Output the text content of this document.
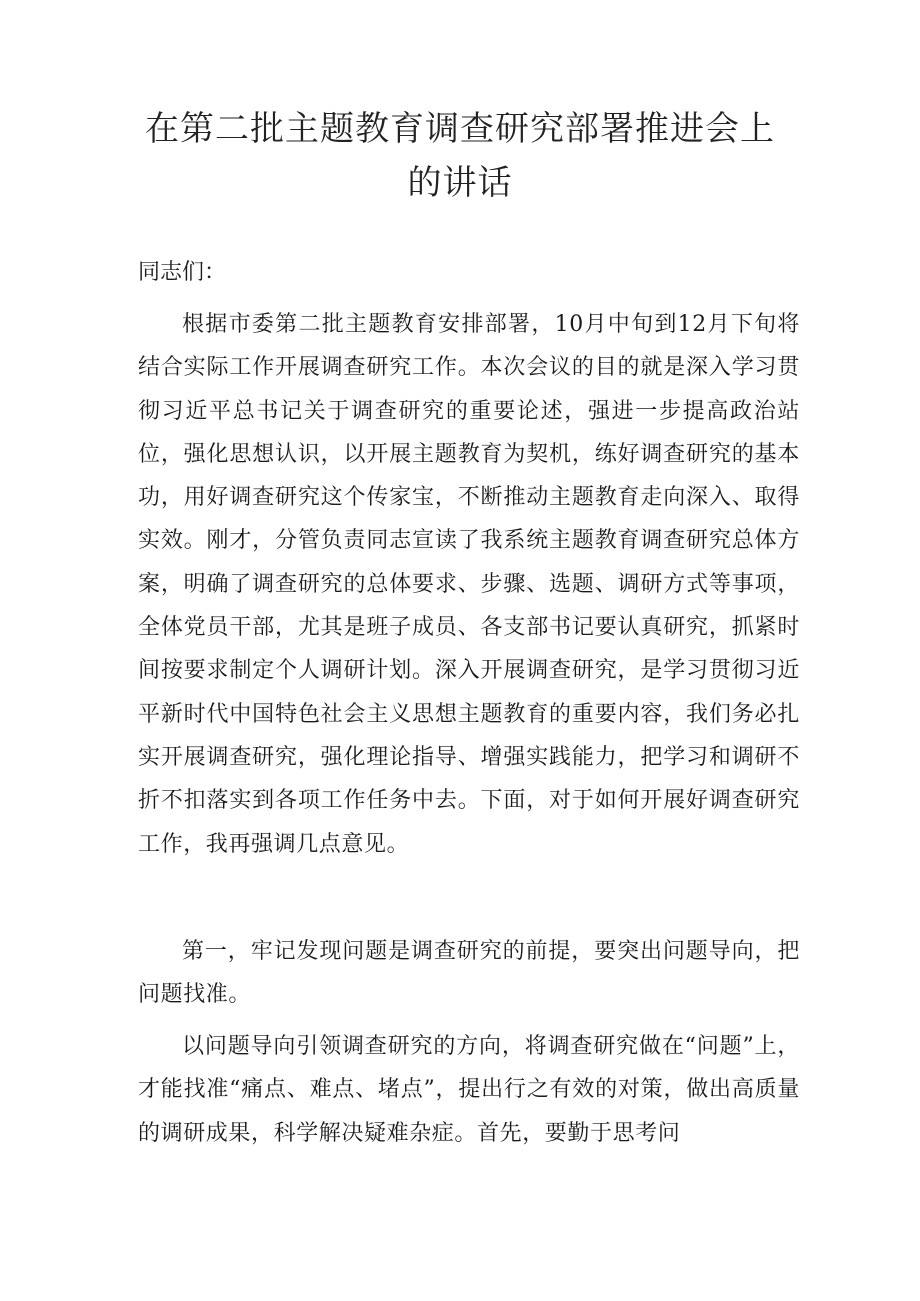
在第二批主题教育调查研究部署推进会上的讲话

同志们：

根据市委第二批主题教育安排部署，10月中旬到12月下旬将结合实际工作开展调查研究工作。本次会议的目的就是深入学习贯彻习近平总书记关于调查研究的重要论述，强进一步提高政治站位，强化思想认识，以开展主题教育为契机，练好调查研究的基本功，用好调查研究这个传家宝，不断推动主题教育走向深入、取得实效。刚才，分管负责同志宣读了我系统主题教育调查研究总体方案，明确了调查研究的总体要求、步骤、选题、调研方式等事项，全体党员干部，尤其是班子成员、各支部书记要认真研究，抓紧时间按要求制定个人调研计划。深入开展调查研究，是学习贯彻习近平新时代中国特色社会主义思想主题教育的重要内容，我们务必扎实开展调查研究，强化理论指导、增强实践能力，把学习和调研不折不扣落实到各项工作任务中去。下面，对于如何开展好调查研究工作，我再强调几点意见。

第一，牢记发现问题是调查研究的前提，要突出问题导向，把问题找准。

以问题导向引领调查研究的方向，将调查研究做在“问题”上，才能找准“痛点、难点、堵点”，提出行之有效的对策，做出高质量的调研成果，科学解决疑难杂症。首先，要勤于思考问
